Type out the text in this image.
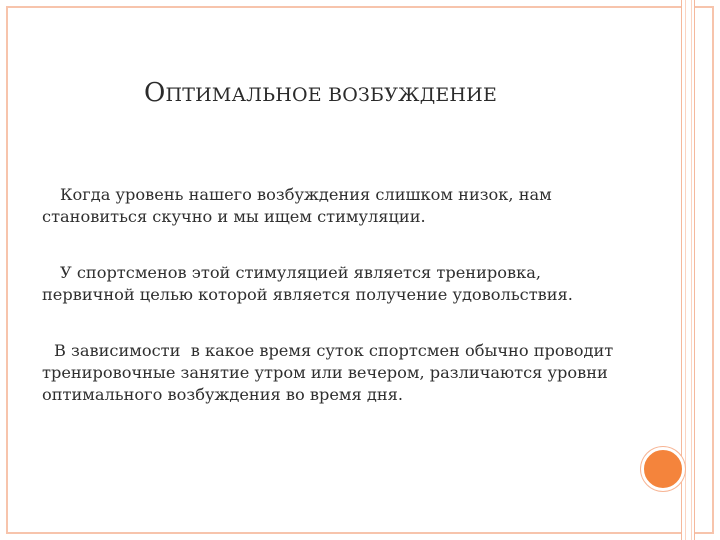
ОПТИМАЛЬНОЕ ВОЗБУЖДЕНИЕ

Когда уровень нашего возбуждения слишком низок, нам
становиться скучно и мы ищем стимуляции.

У спортсменов этой стимуляцией является тренировка,
первичной целью которой является получение удовольствия.

В зависимости  в какое время суток спортсмен обычно проводит
тренировочные занятие утром или вечером, различаются уровни
оптимального возбуждения во время дня.
